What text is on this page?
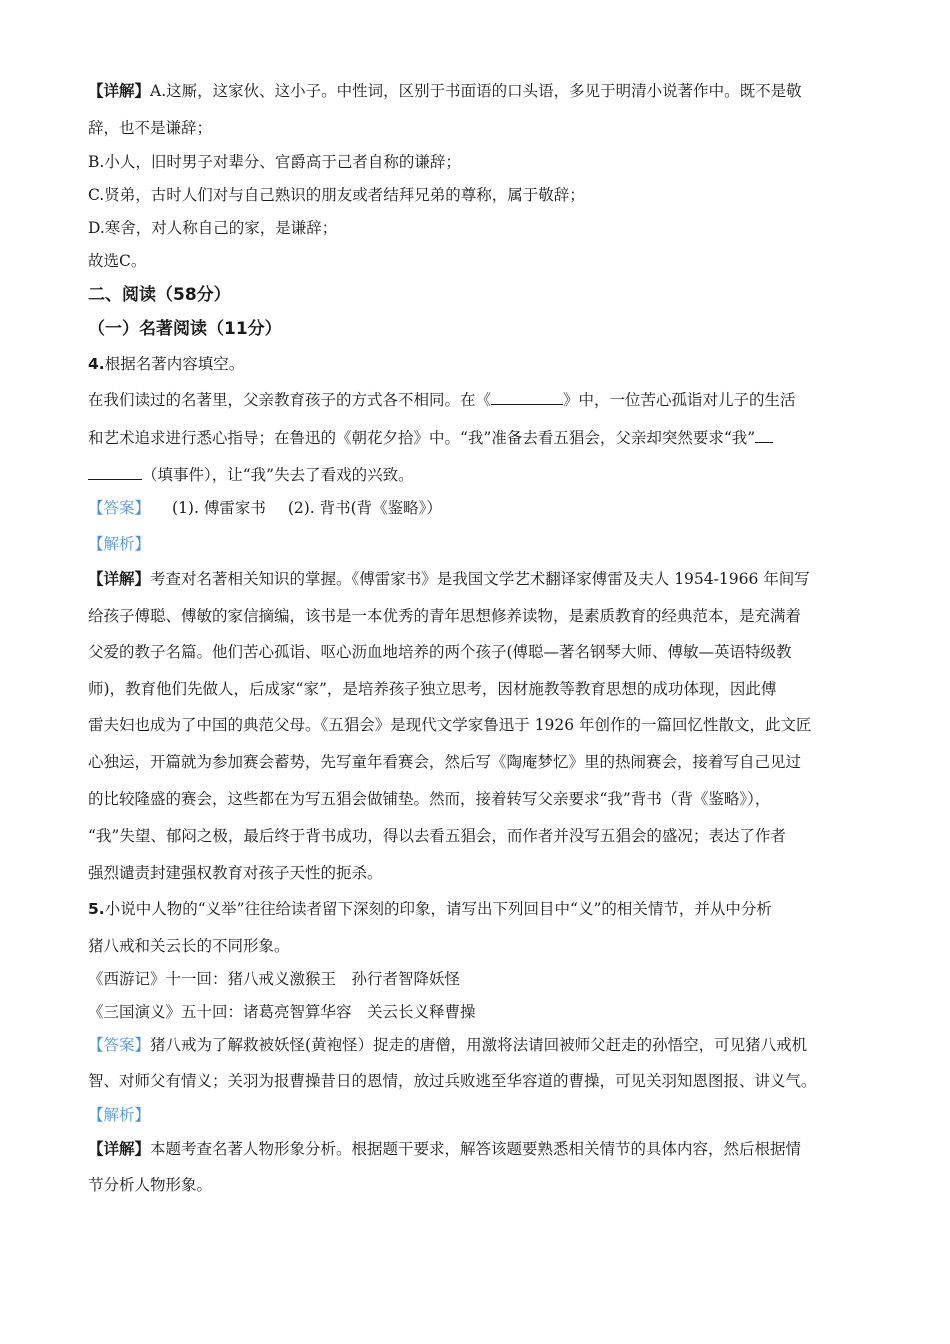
【详解】A.这厮，这家伙、这小子。中性词，区别于书面语的口头语，多见于明清小说著作中。既不是敬
辞，也不是谦辞；
B.小人，旧时男子对辈分、官爵高于己者自称的谦辞；
C.贤弟，古时人们对与自己熟识的朋友或者结拜兄弟的尊称，属于敬辞；
D.寒舍，对人称自己的家，是谦辞；
故选C。
二、阅读（58分）
（一）名著阅读（11分）
4.根据名著内容填空。
在我们读过的名著里，父亲教育孩子的方式各不相同。在《	》中，一位苦心孤诣对儿子的生活
和艺术追求进行悉心指导；在鲁迅的《朝花夕拾》中。“我”准备去看五猖会，父亲却突然要求“我”
（填事件），让“我”失去了看戏的兴致。
【答案】 (1). 傅雷家书 (2). 背书(背《鉴略》）
【解析】
【详解】考查对名著相关知识的掌握。《傅雷家书》是我国文学艺术翻译家傅雷及夫人 1954-1966 年间写
给孩子傅聪、傅敏的家信摘编，该书是一本优秀的青年思想修养读物，是素质教育的经典范本，是充满着
父爱的教子名篇。他们苦心孤诣、呕心沥血地培养的两个孩子(傅聪—著名钢琴大师、傅敏—英语特级教
师)，教育他们先做人，后成家“家”，是培养孩子独立思考，因材施教等教育思想的成功体现，因此傅
雷夫妇也成为了中国的典范父母。《五猖会》是现代文学家鲁迅于 1926 年创作的一篇回忆性散文，此文匠
心独运，开篇就为参加赛会蓄势，先写童年看赛会，然后写《陶庵梦忆》里的热闹赛会，接着写自己见过
的比较隆盛的赛会，这些都在为写五猖会做铺垫。然而，接着转写父亲要求“我”背书（背《鉴略》），
“我”失望、郁闷之极，最后终于背书成功，得以去看五猖会，而作者并没写五猖会的盛况；表达了作者
强烈谴责封建强权教育对孩子天性的扼杀。
5.小说中人物的“义举”往往给读者留下深刻的印象，请写出下列回目中“义”的相关情节，并从中分析
猪八戒和关云长的不同形象。
《西游记》十一回：猪八戒义激猴王　孙行者智降妖怪
《三国演义》五十回：诸葛亮智算华容　关云长义释曹操
【答案】猪八戒为了解救被妖怪(黄袍怪）捉走的唐僧，用激将法请回被师父赶走的孙悟空，可见猪八戒机
智、对师父有情义；关羽为报曹操昔日的恩情，放过兵败逃至华容道的曹操，可见关羽知恩图报、讲义气。
【解析】
【详解】本题考查名著人物形象分析。根据题干要求，解答该题要熟悉相关情节的具体内容，然后根据情
节分析人物形象。
